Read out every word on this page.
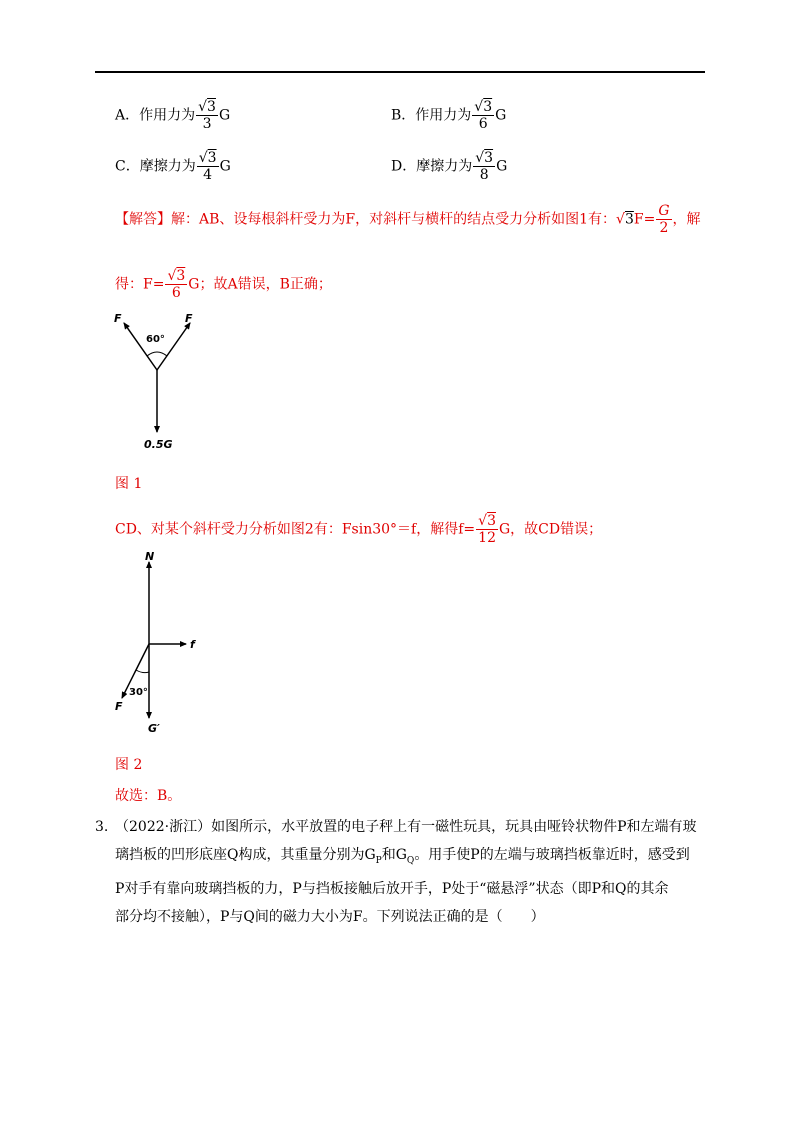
A．作用力为 $\frac{√3}{3}$ G	B．作用力为 $\frac{√3}{6}$ G
C．摩擦力为 $\frac{√3}{4}$ G	D．摩擦力为 $\frac{√3}{8}$ G
【解答】解：AB、设每根斜杆受力为F，对斜杆与横杆的结点受力分析如图1有：$√3F= \frac{G}{2}$ ，解
得：$F= \frac{√3}{6}$ G；故A错误，B正确；
F	F
60°
0.5G
图 1
CD、对某个斜杆受力分析如图2有：Fsin30°＝f，解得$f= \frac{√3}{12}$ G，故CD错误；
N
f
30°
F
G′
图 2
故选：B。
3. （2022·浙江）如图所示，水平放置的电子秤上有一磁性玩具，玩具由哑铃状物件P和左端有玻
璃挡板的凹形底座Q构成，其重量分别为$G_P$和$G_Q$。用手使P的左端与玻璃挡板靠近时，感受到
P对手有靠向玻璃挡板的力，P与挡板接触后放开手，P处于“磁悬浮”状态（即P和Q的其余
部分均不接触），P与Q间的磁力大小为F。下列说法正确的是（　　）
